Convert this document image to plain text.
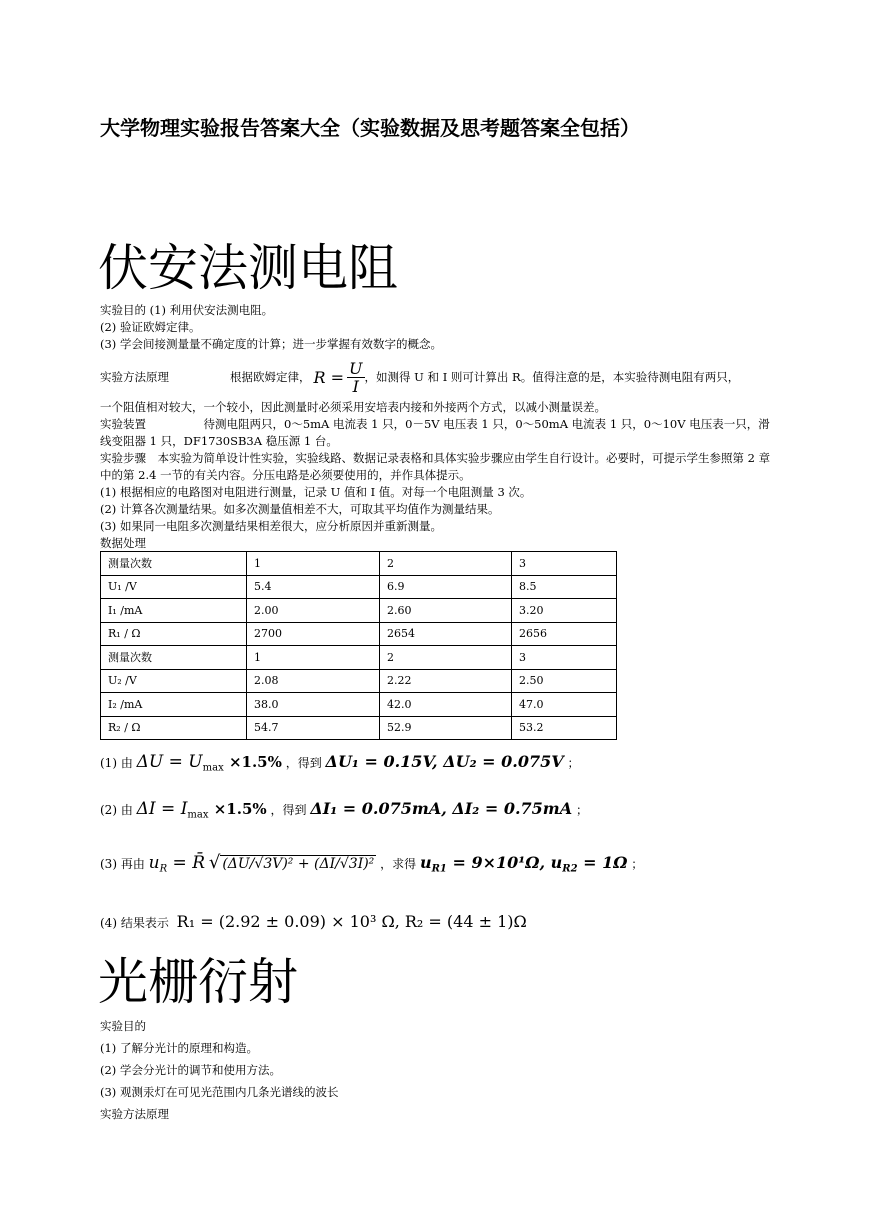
大学物理实验报告答案大全（实验数据及思考题答案全包括）
伏安法测电阻
实验目的 (1) 利用伏安法测电阻。
(2) 验证欧姆定律。
(3) 学会间接测量量不确定度的计算；进一步掌握有效数字的概念。
实验方法原理	根据欧姆定律， $R = \frac{U}{I}$ ，如测得 U 和 I 则可计算出 R。值得注意的是，本实验待测电阻有两只，
一个阻值相对较大，一个较小，因此测量时必须采用安培表内接和外接两个方式，以减小测量误差。
实验装置　　　　　待测电阻两只，0～5mA 电流表 1 只，0－5V 电压表 1 只，0～50mA 电流表 1 只，0～10V 电压表一只，滑线变阻器 1 只，DF1730SB3A 稳压源 1 台。
实验步骤　本实验为简单设计性实验，实验线路、数据记录表格和具体实验步骤应由学生自行设计。必要时，可提示学生参照第 2 章中的第 2.4 一节的有关内容。分压电路是必须要使用的，并作具体提示。
(1) 根据相应的电路图对电阻进行测量，记录 U 值和 I 值。对每一个电阻测量 3 次。
(2) 计算各次测量结果。如多次测量值相差不大，可取其平均值作为测量结果。
(3) 如果同一电阻多次测量结果相差很大，应分析原因并重新测量。
数据处理
测量次数	1	2	3
U₁ /V	5.4	6.9	8.5
I₁ /mA	2.00	2.60	3.20
R₁ / Ω	2700	2654	2656
测量次数	1	2	3
U₂ /V	2.08	2.22	2.50
I₂ /mA	38.0	42.0	47.0
R₂ / Ω	54.7	52.9	53.2
(1) 由 $\Delta U = U_{max} \times 1.5\%$ ，得到 ΔU₁ = 0.15V, ΔU₂ = 0.075V ；
(2) 由 $\Delta I = I_{max} \times 1.5\%$ ，得到 ΔI₁ = 0.075mA, ΔI₂ = 0.75mA ；
(3) 再由 $u_R$ = R̄ √ (ΔU/√3V)² + (ΔI/√3I)² ，求得 $u_{R1} = 9\times 10^1\Omega$, $u_{R2} = 1\Omega$ ；
(4) 结果表示 R₁ = (2.92 ± 0.09) × 10³ Ω, R₂ = (44 ± 1)Ω
光栅衍射
实验目的
(1) 了解分光计的原理和构造。
(2) 学会分光计的调节和使用方法。
(3) 观测汞灯在可见光范围内几条光谱线的波长
实验方法原理
